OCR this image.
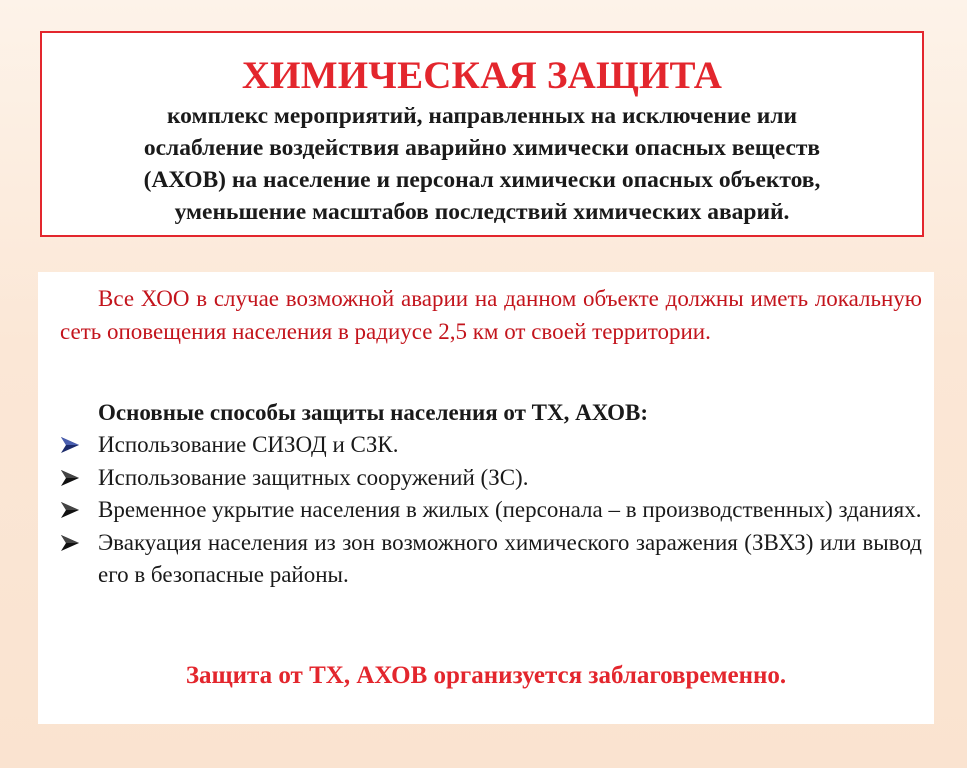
ХИМИЧЕСКАЯ ЗАЩИТА
комплекс мероприятий, направленных на исключение или
ослабление воздействия аварийно химически опасных веществ
(АХОВ) на население и персонал химически опасных объектов,
уменьшение масштабов последствий химических аварий.
Все ХОО в случае возможной аварии на данном объекте должны иметь локальную сеть оповещения населения в радиусе 2,5 км от своей территории.
Основные способы защиты населения от ТХ, АХОВ:
Использование СИЗОД и СЗК.
Использование защитных сооружений (ЗС).
Временное укрытие населения в жилых (персонала – в производственных) зданиях.
Эвакуация населения из зон возможного химического заражения (ЗВХЗ) или вывод его в безопасные районы.
Защита от ТХ, АХОВ организуется заблаговременно.
